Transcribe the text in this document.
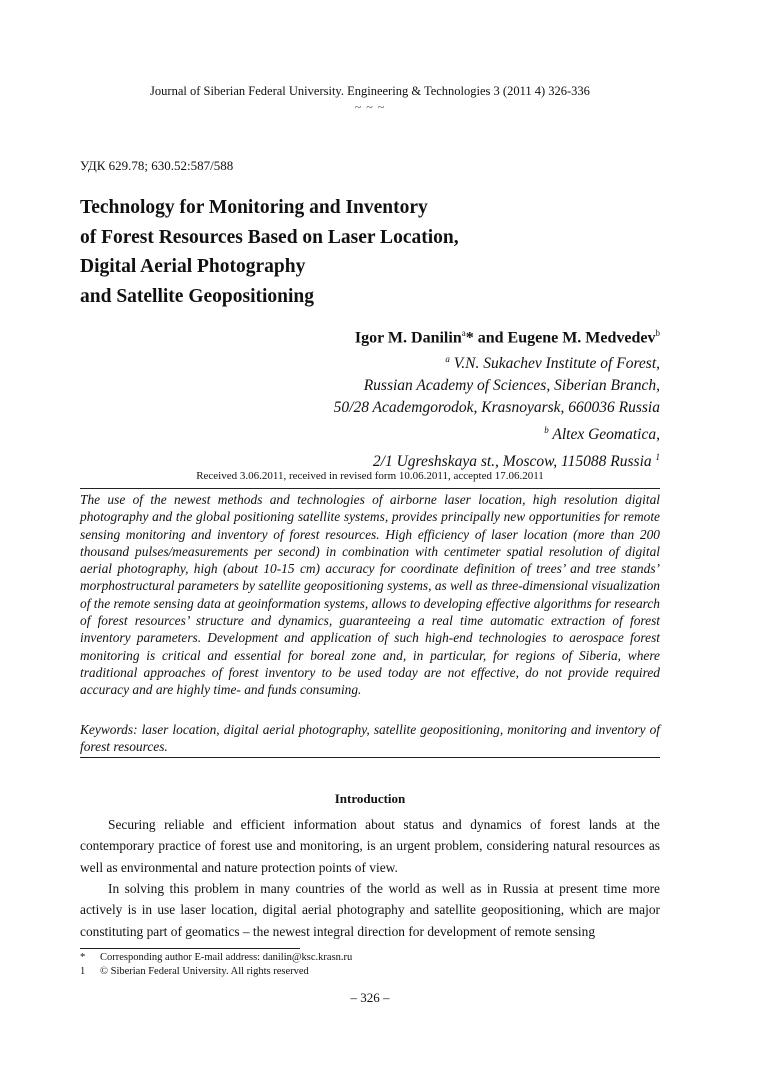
Journal of Siberian Federal University. Engineering & Technologies 3 (2011 4) 326-336
~ ~ ~
УДК 629.78; 630.52:587/588
Technology for Monitoring and Inventory
of Forest Resources Based on Laser Location,
Digital Aerial Photography
and Satellite Geopositioning
Igor M. Danilin$^a$* and Eugene M. Medvedev$^b$
$^a$ V.N. Sukachev Institute of Forest,
Russian Academy of Sciences, Siberian Branch,
50/28 Academgorodok, Krasnoyarsk, 660036 Russia
$^b$ Altex Geomatica,
2/1 Ugreshskaya st., Moscow, 115088 Russia $^1$
Received 3.06.2011, received in revised form 10.06.2011, accepted 17.06.2011
The use of the newest methods and technologies of airborne laser location, high resolution digital photography and the global positioning satellite systems, provides principally new opportunities for remote sensing monitoring and inventory of forest resources. High efficiency of laser location (more than 200 thousand pulses/measurements per second) in combination with centimeter spatial resolution of digital aerial photography, high (about 10-15 cm) accuracy for coordinate definition of trees’ and tree stands’ morphostructural parameters by satellite geopositioning systems, as well as three-dimensional visualization of the remote sensing data at geoinformation systems, allows to developing effective algorithms for research of forest resources’ structure and dynamics, guaranteeing a real time automatic extraction of forest inventory parameters. Development and application of such high-end technologies to aerospace forest monitoring is critical and essential for boreal zone and, in particular, for regions of Siberia, where traditional approaches of forest inventory to be used today are not effective, do not provide required accuracy and are highly time- and funds consuming.
Keywords: laser location, digital aerial photography, satellite geopositioning, monitoring and inventory of forest resources.
Introduction
Securing reliable and efficient information about status and dynamics of forest lands at the contemporary practice of forest use and monitoring, is an urgent problem, considering natural resources as well as environmental and nature protection points of view.
In solving this problem in many countries of the world as well as in Russia at present time more actively is in use laser location, digital aerial photography and satellite geopositioning, which are major constituting part of geomatics – the newest integral direction for development of remote sensing
* Corresponding author E-mail address: danilin@ksc.krasn.ru
1 © Siberian Federal University. All rights reserved
– 326 –
